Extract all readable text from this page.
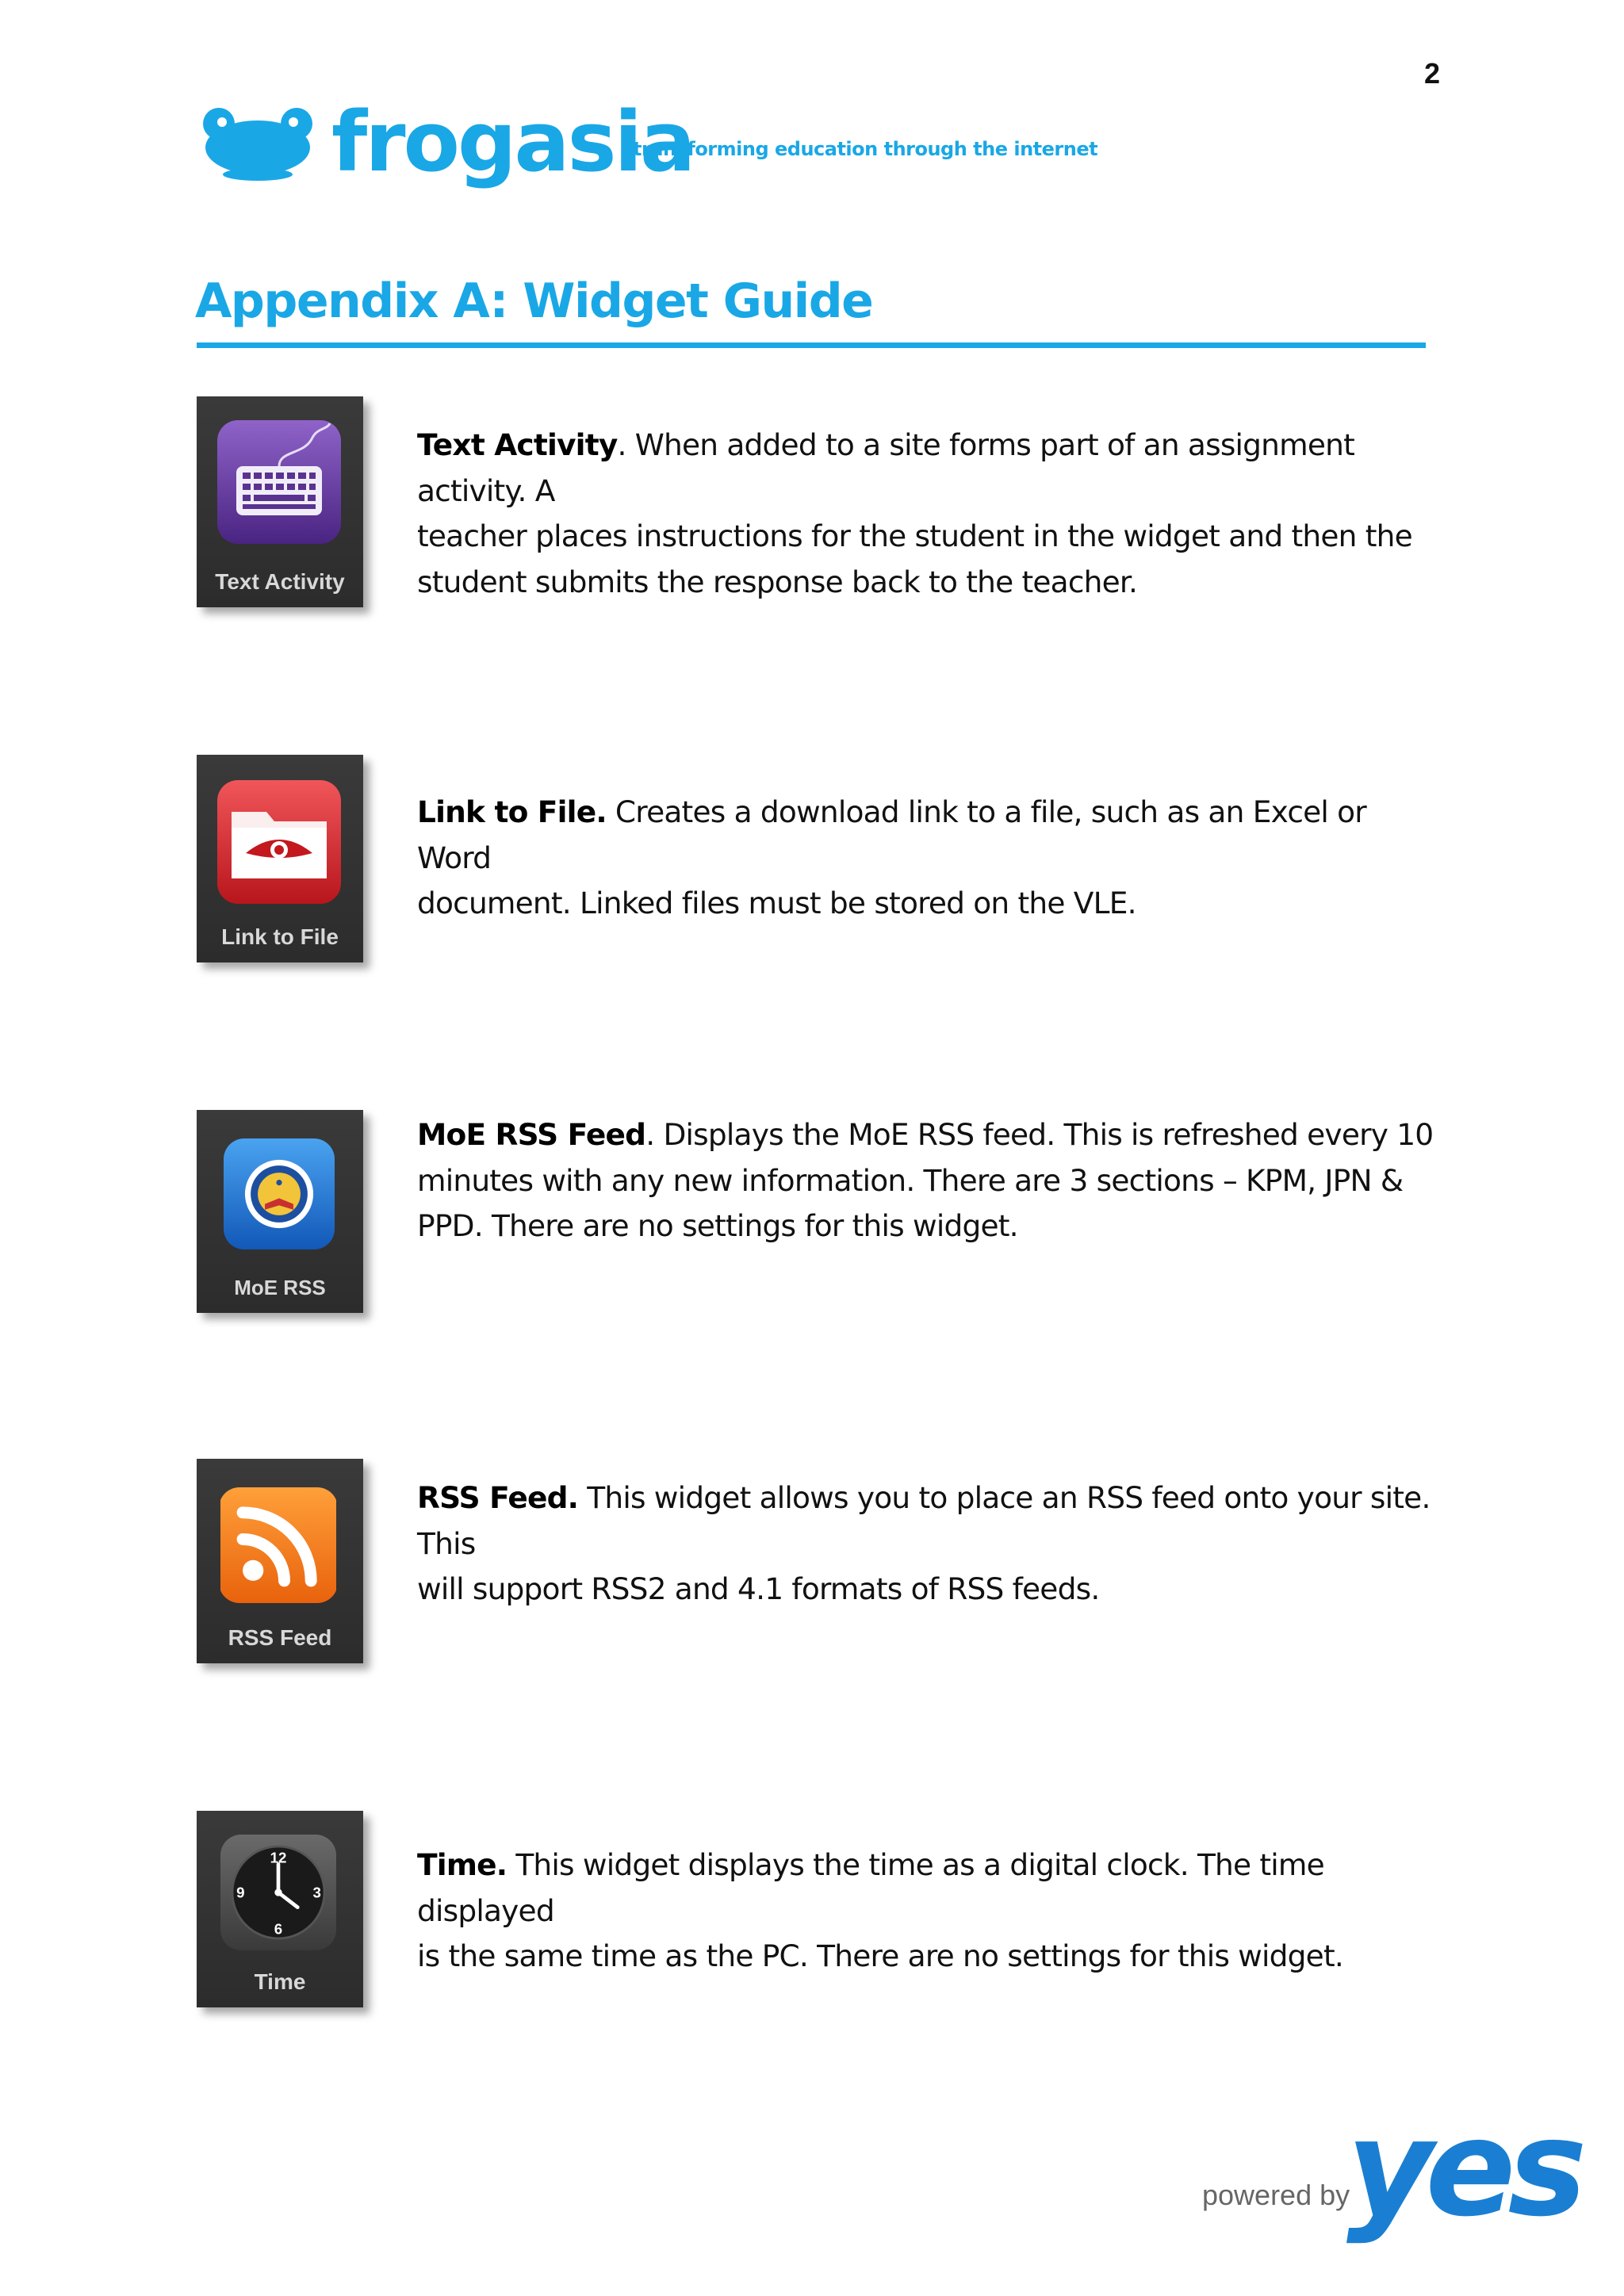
2
frogasia
transforming education through the internet
Appendix A: Widget Guide
Text Activity
Text Activity. When added to a site forms part of an assignment activity. A
teacher places instructions for the student in the widget and then the
student submits the response back to the teacher.
Link to File
Link to File. Creates a download link to a file, such as an Excel or Word
document. Linked files must be stored on the VLE.
MoE RSS
MoE RSS Feed. Displays the MoE RSS feed. This is refreshed every 10
minutes with any new information. There are 3 sections – KPM, JPN &
PPD. There are no settings for this widget.
RSS Feed
RSS Feed. This widget allows you to place an RSS feed onto your site. This
will support RSS2 and 4.1 formats of RSS feeds.
12
3
6
9
Time
Time. This widget displays the time as a digital clock. The time displayed
is the same time as the PC. There are no settings for this widget.
powered by
yes
